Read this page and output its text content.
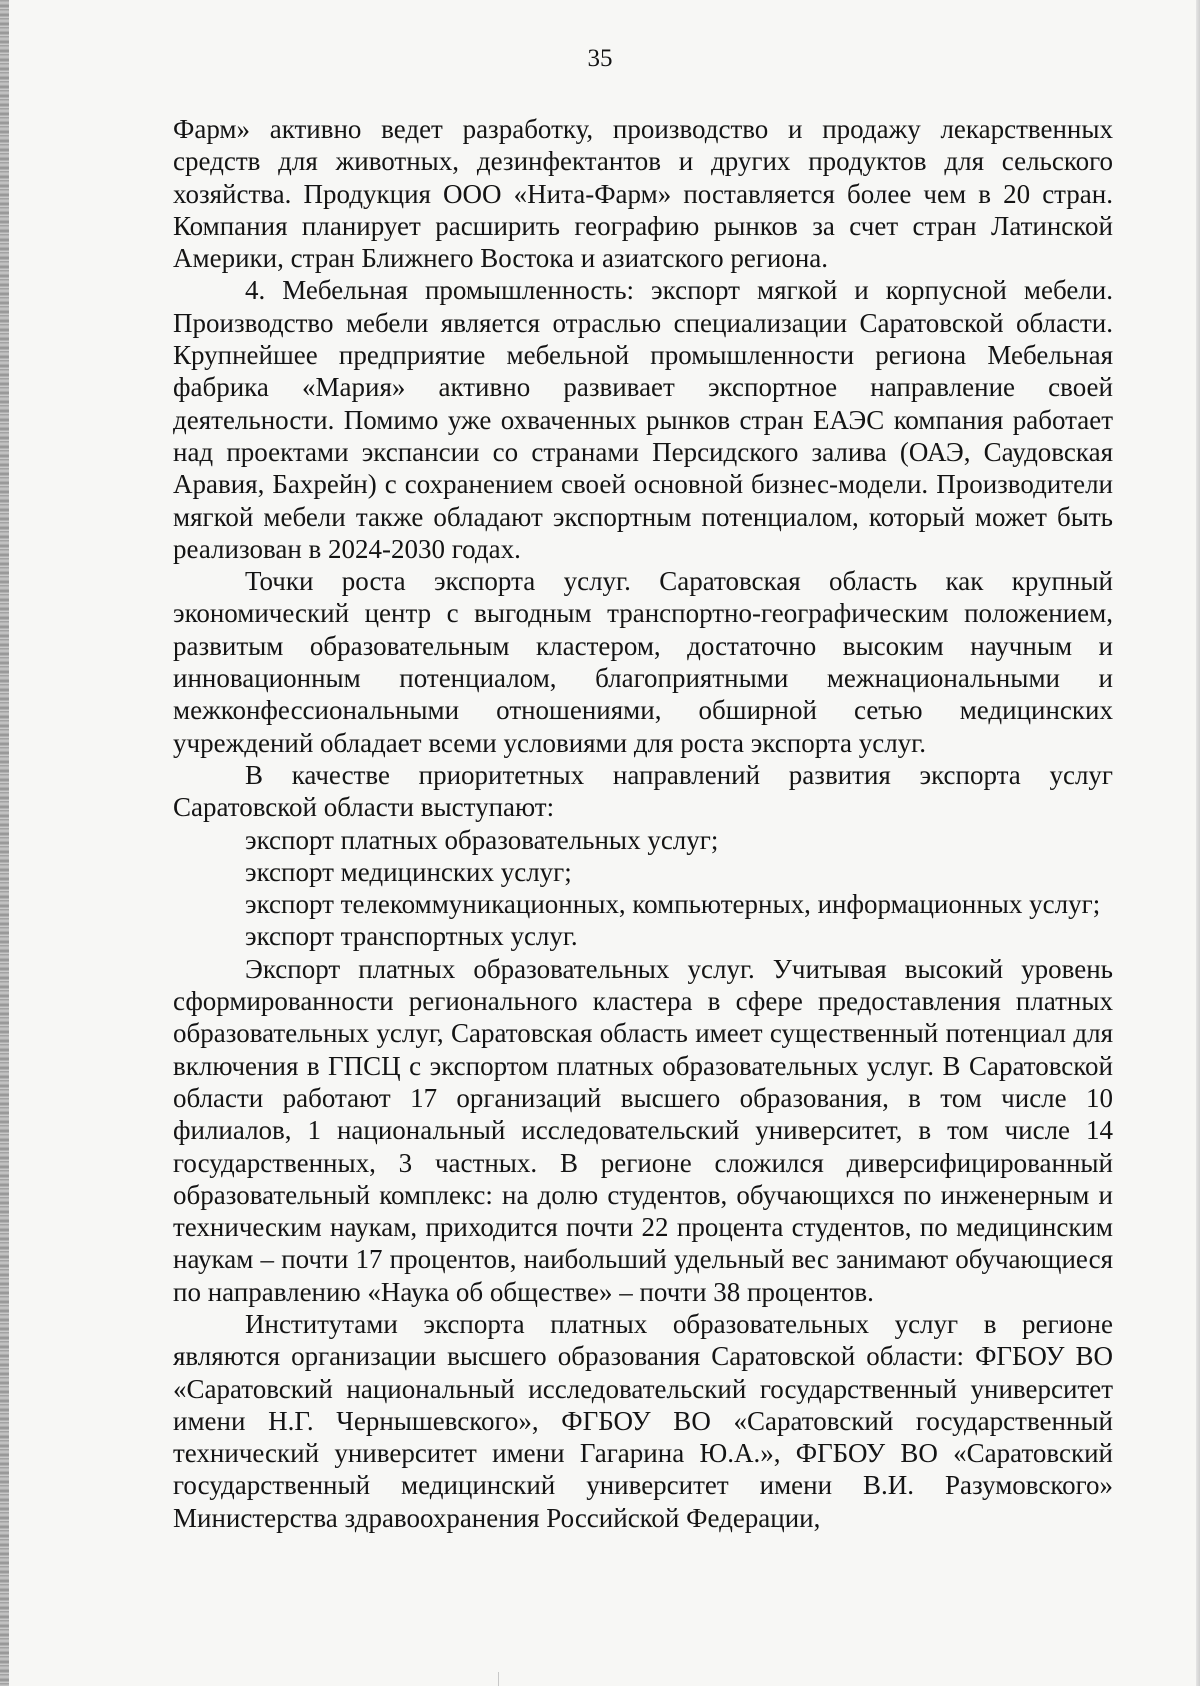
35

Фарм» активно ведет разработку, производство и продажу лекарственных средств для животных, дезинфектантов и других продуктов для сельского хозяйства. Продукция ООО «Нита-Фарм» поставляется более чем в 20 стран. Компания планирует расширить географию рынков за счет стран Латинской Америки, стран Ближнего Востока и азиатского региона.

4. Мебельная промышленность: экспорт мягкой и корпусной мебели. Производство мебели является отраслью специализации Саратовской области. Крупнейшее предприятие мебельной промышленности региона Мебельная фабрика «Мария» активно развивает экспортное направление своей деятельности. Помимо уже охваченных рынков стран ЕАЭС компания работает над проектами экспансии со странами Персидского залива (ОАЭ, Саудовская Аравия, Бахрейн) с сохранением своей основной бизнес-модели. Производители мягкой мебели также обладают экспортным потенциалом, который может быть реализован в 2024-2030 годах.

Точки роста экспорта услуг. Саратовская область как крупный экономический центр с выгодным транспортно-географическим положением, развитым образовательным кластером, достаточно высоким научным и инновационным потенциалом, благоприятными межнациональными и межконфессиональными отношениями, обширной сетью медицинских учреждений обладает всеми условиями для роста экспорта услуг.

В качестве приоритетных направлений развития экспорта услуг Саратовской области выступают:

экспорт платных образовательных услуг;

экспорт медицинских услуг;

экспорт телекоммуникационных, компьютерных, информационных услуг;

экспорт транспортных услуг.

Экспорт платных образовательных услуг. Учитывая высокий уровень сформированности регионального кластера в сфере предоставления платных образовательных услуг, Саратовская область имеет существенный потенциал для включения в ГПСЦ с экспортом платных образовательных услуг. В Саратовской области работают 17 организаций высшего образования, в том числе 10 филиалов, 1 национальный исследовательский университет, в том числе 14 государственных, 3 частных. В регионе сложился диверсифицированный образовательный комплекс: на долю студентов, обучающихся по инженерным и техническим наукам, приходится почти 22 процента студентов, по медицинским наукам – почти 17 процентов, наибольший удельный вес занимают обучающиеся по направлению «Наука об обществе» – почти 38 процентов.

Институтами экспорта платных образовательных услуг в регионе являются организации высшего образования Саратовской области: ФГБОУ ВО «Саратовский национальный исследовательский государственный университет имени Н.Г. Чернышевского», ФГБОУ ВО «Саратовский государственный технический университет имени Гагарина Ю.А.», ФГБОУ ВО «Саратовский государственный медицинский университет имени В.И. Разумовского» Министерства здравоохранения Российской Федерации,
